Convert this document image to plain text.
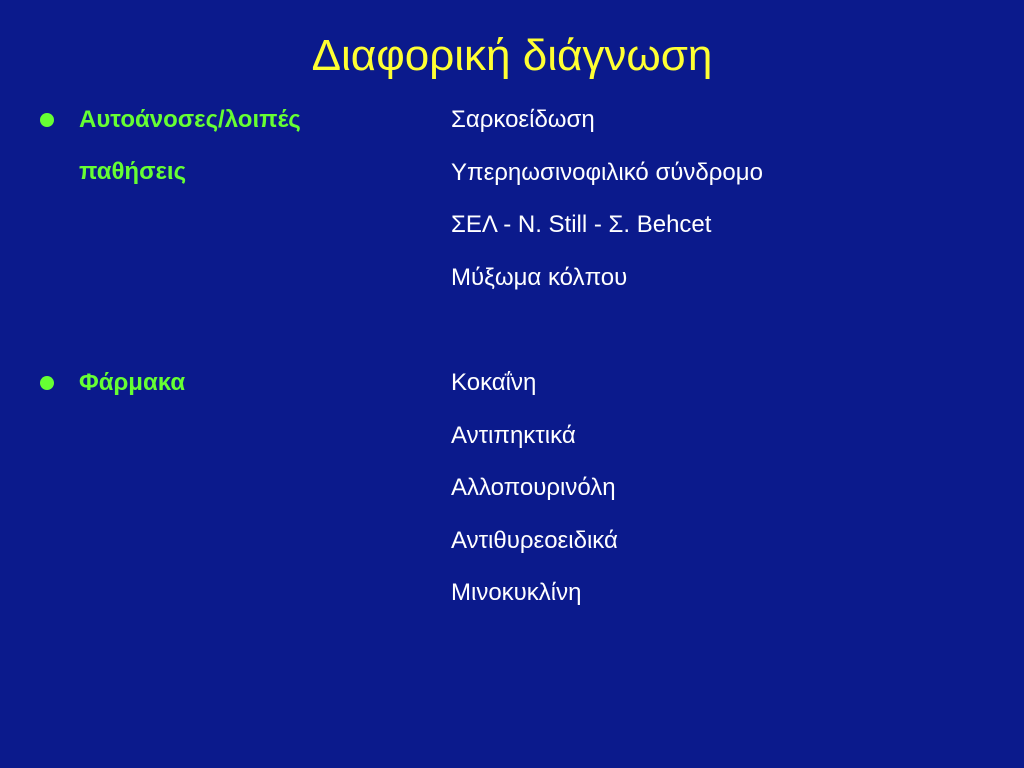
Διαφορική διάγνωση
Αυτοάνοσες/λοιπές
παθήσεις
Σαρκοείδωση
Υπερηωσινοφιλικό σύνδρομο
ΣΕΛ - Ν. Still - Σ. Behcet
Μύξωμα κόλπου
Φάρμακα	Κοκαΐνη
Αντιπηκτικά
Αλλοπουρινόλη
Αντιθυρεοειδικά
Μινοκυκλίνη
